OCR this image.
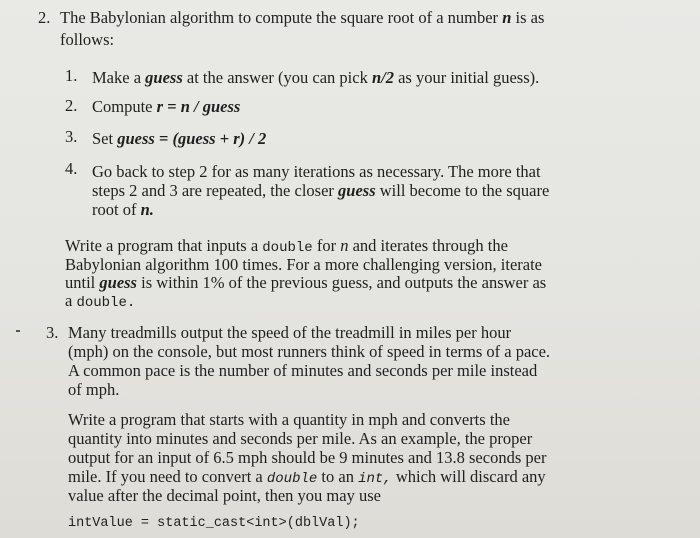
2. The Babylonian algorithm to compute the square root of a number n is as
follows:
1. Make a guess at the answer (you can pick n/2 as your initial guess).
2. Compute r = n / guess
3. Set guess = (guess + r) / 2
4. Go back to step 2 for as many iterations as necessary. The more that
steps 2 and 3 are repeated, the closer guess will become to the square
root of n.
Write a program that inputs a double for n and iterates through the
Babylonian algorithm 100 times. For a more challenging version, iterate
until guess is within 1% of the previous guess, and outputs the answer as
a double.
3. Many treadmills output the speed of the treadmill in miles per hour
(mph) on the console, but most runners think of speed in terms of a pace.
A common pace is the number of minutes and seconds per mile instead
of mph.
Write a program that starts with a quantity in mph and converts the
quantity into minutes and seconds per mile. As an example, the proper
output for an input of 6.5 mph should be 9 minutes and 13.8 seconds per
mile. If you need to convert a double to an int, which will discard any
value after the decimal point, then you may use
intValue = static_cast<int>(dblVal);
